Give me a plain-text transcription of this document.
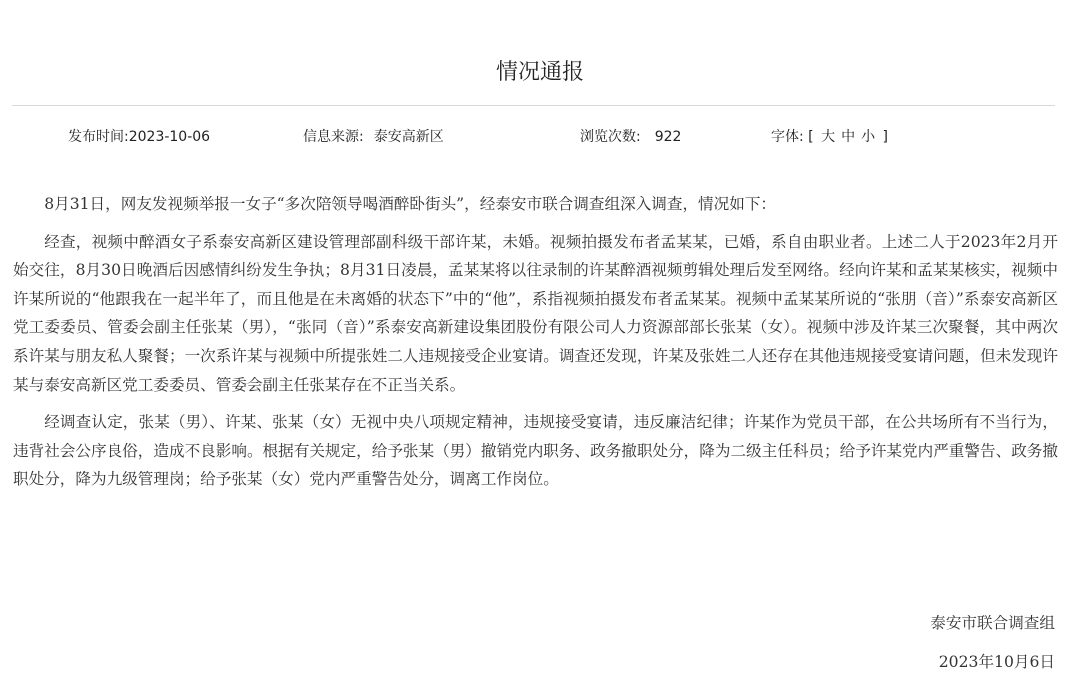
情况通报
发布时间:2023-10-06	信息来源: 泰安高新区	浏览次数: 922	字体: [ 大 中 小 ]

8月31日，网友发视频举报一女子“多次陪领导喝酒醉卧街头”，经泰安市联合调查组深入调查，情况如下：

经查，视频中醉酒女子系泰安高新区建设管理部副科级干部许某，未婚。视频拍摄发布者孟某某，已婚，系自由职业者。上述二人于2023年2月开始交往，8月30日晚酒后因感情纠纷发生争执；8月31日凌晨，孟某某将以往录制的许某醉酒视频剪辑处理后发至网络。经向许某和孟某某核实，视频中许某所说的“他跟我在一起半年了，而且他是在未离婚的状态下”中的“他”，系指视频拍摄发布者孟某某。视频中孟某某所说的“张朋（音）”系泰安高新区党工委委员、管委会副主任张某（男），“张同（音）”系泰安高新建设集团股份有限公司人力资源部部长张某（女）。视频中涉及许某三次聚餐，其中两次系许某与朋友私人聚餐；一次系许某与视频中所提张姓二人违规接受企业宴请。调查还发现，许某及张姓二人还存在其他违规接受宴请问题，但未发现许某与泰安高新区党工委委员、管委会副主任张某存在不正当关系。

经调查认定，张某（男）、许某、张某（女）无视中央八项规定精神，违规接受宴请，违反廉洁纪律；许某作为党员干部，在公共场所有不当行为，违背社会公序良俗，造成不良影响。根据有关规定，给予张某（男）撤销党内职务、政务撤职处分，降为二级主任科员；给予许某党内严重警告、政务撤职处分，降为九级管理岗；给予张某（女）党内严重警告处分，调离工作岗位。

泰安市联合调查组
2023年10月6日
